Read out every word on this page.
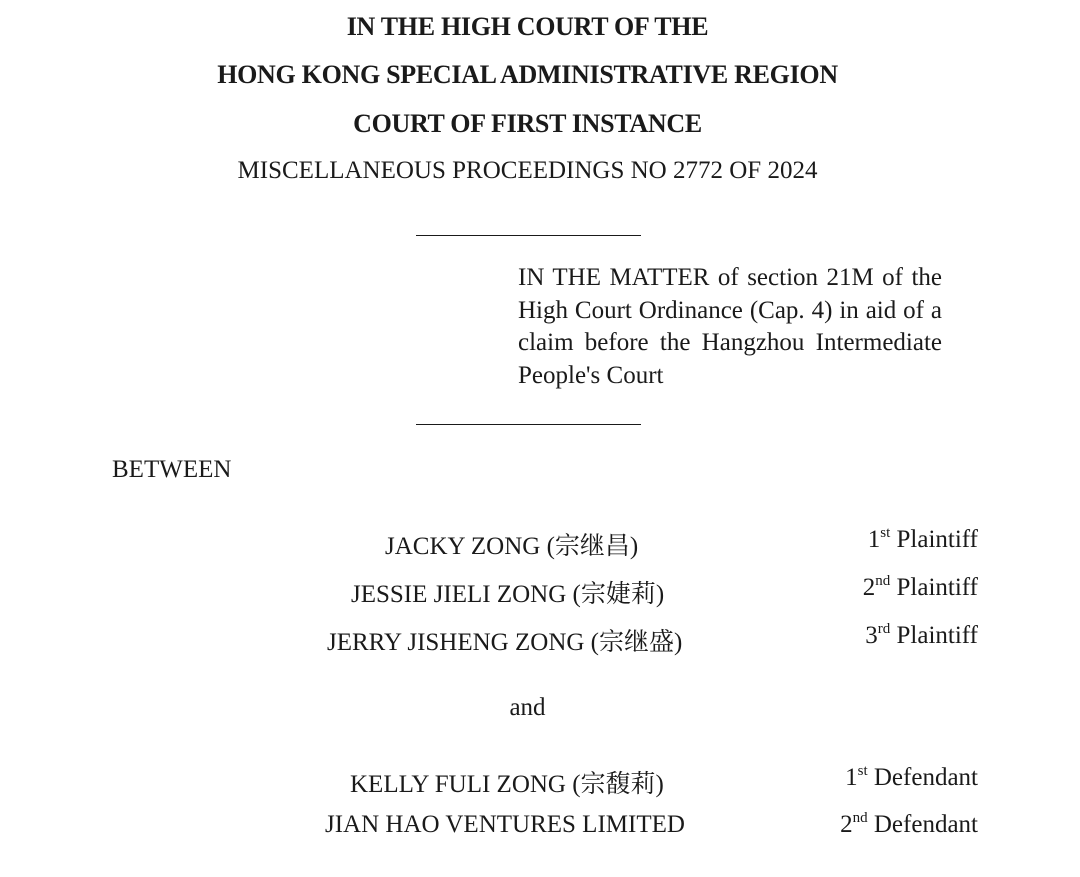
IN THE HIGH COURT OF THE
HONG KONG SPECIAL ADMINISTRATIVE REGION
COURT OF FIRST INSTANCE
MISCELLANEOUS PROCEEDINGS NO 2772 OF 2024
IN THE MATTER of section 21M of the High Court Ordinance (Cap. 4) in aid of a claim before the Hangzhou Intermediate People's Court
BETWEEN
JACKY ZONG (宗继昌)	1st Plaintiff
JESSIE JIELI ZONG (宗婕莉)	2nd Plaintiff
JERRY JISHENG ZONG (宗继盛)	3rd Plaintiff
and
KELLY FULI ZONG (宗馥莉)	1st Defendant
JIAN HAO VENTURES LIMITED	2nd Defendant
